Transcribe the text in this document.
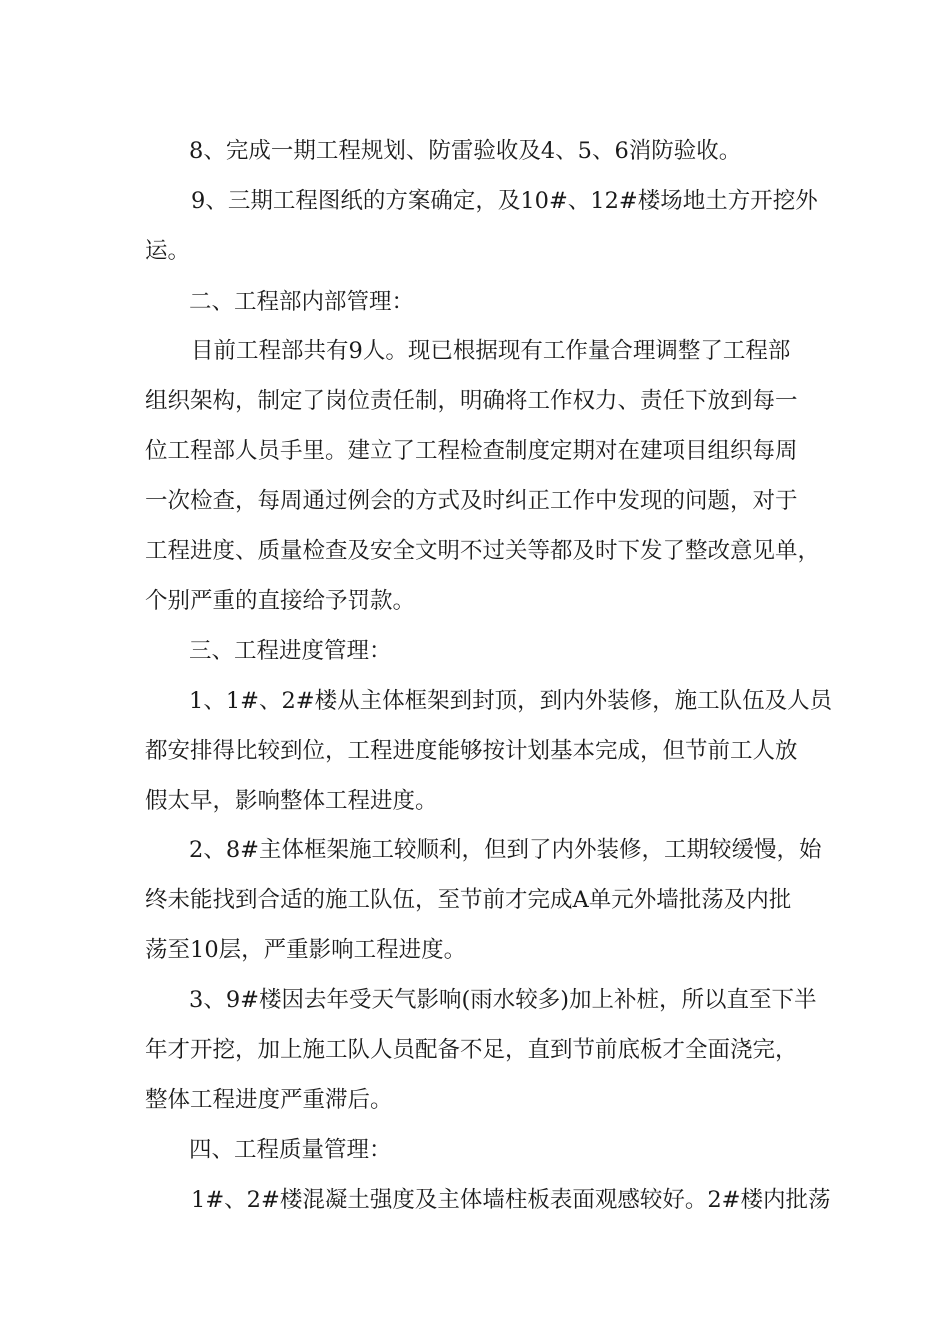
8、完成一期工程规划、防雷验收及4、5、6消防验收。

9、三期工程图纸的方案确定，及10#、12#楼场地土方开挖外

运。

二、工程部内部管理：

目前工程部共有9人。现已根据现有工作量合理调整了工程部

组织架构，制定了岗位责任制，明确将工作权力、责任下放到每一

位工程部人员手里。建立了工程检查制度定期对在建项目组织每周

一次检查，每周通过例会的方式及时纠正工作中发现的问题，对于

工程进度、质量检查及安全文明不过关等都及时下发了整改意见单，

个别严重的直接给予罚款。

三、工程进度管理：

1、1#、2#楼从主体框架到封顶，到内外装修，施工队伍及人员

都安排得比较到位，工程进度能够按计划基本完成，但节前工人放

假太早，影响整体工程进度。

2、8#主体框架施工较顺利，但到了内外装修，工期较缓慢，始

终未能找到合适的施工队伍，至节前才完成A单元外墙批荡及内批

荡至10层，严重影响工程进度。

3、9#楼因去年受天气影响(雨水较多)加上补桩，所以直至下半

年才开挖，加上施工队人员配备不足，直到节前底板才全面浇完，

整体工程进度严重滞后。

四、工程质量管理：

1#、2#楼混凝土强度及主体墙柱板表面观感较好。2#楼内批荡
